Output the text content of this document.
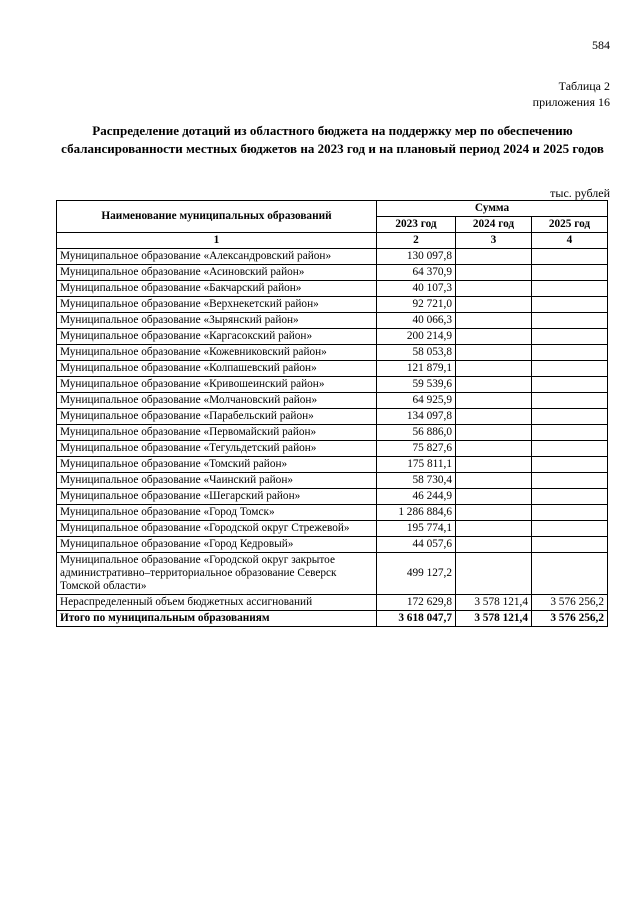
584
Таблица 2
приложения 16
Распределение дотаций из областного бюджета на поддержку мер по обеспечению сбалансированности местных бюджетов на 2023 год и на плановый период 2024 и 2025 годов
тыс. рублей
Наименование муниципальных образований	Сумма		
	2023 год	2024 год	2025 год
1	2	3	4
Муниципальное образование «Александровский район»	130 097,8		
Муниципальное образование «Асиновский район»	64 370,9		
Муниципальное образование «Бакчарский район»	40 107,3		
Муниципальное образование «Верхнекетский район»	92 721,0		
Муниципальное образование «Зырянский район»	40 066,3		
Муниципальное образование «Каргасокский район»	200 214,9		
Муниципальное образование «Кожевниковский район»	58 053,8		
Муниципальное образование «Колпашевский район»	121 879,1		
Муниципальное образование «Кривошеинский район»	59 539,6		
Муниципальное образование «Молчановский район»	64 925,9		
Муниципальное образование «Парабельский район»	134 097,8		
Муниципальное образование «Первомайский район»	56 886,0		
Муниципальное образование «Тегульдетский район»	75 827,6		
Муниципальное образование «Томский район»	175 811,1		
Муниципальное образование «Чаинский район»	58 730,4		
Муниципальное образование «Шегарский район»	46 244,9		
Муниципальное образование «Город Томск»	1 286 884,6		
Муниципальное образование «Городской округ Стрежевой»	195 774,1		
Муниципальное образование «Город Кедровый»	44 057,6		
Муниципальное образование «Городской округ закрытое административно–территориальное образование Северск Томской области»	499 127,2		
Нераспределенный объем бюджетных ассигнований	172 629,8	3 578 121,4	3 576 256,2
Итого по муниципальным образованиям	3 618 047,7	3 578 121,4	3 576 256,2
